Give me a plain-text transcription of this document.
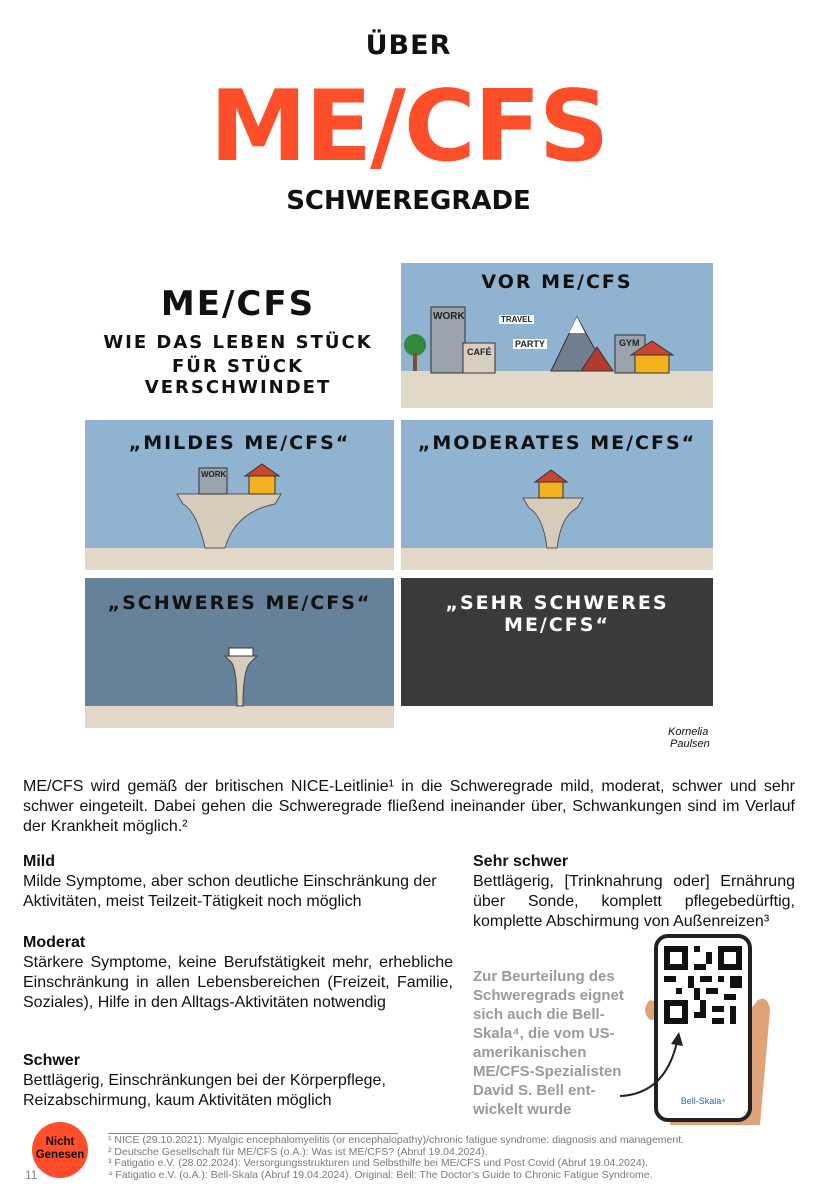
ÜBER
ME/CFS
SCHWEREGRADE
ME/CFS
WIE DAS LEBEN STÜCK
FÜR STÜCK VERSCHWINDET
VOR ME/CFS
WORK
CAFÉ
GYM
TRAVEL
PARTY
„MILDES ME/CFS“
WORK
„MODERATES ME/CFS“
„SCHWERES ME/CFS“	„SEHR SCHWERES ME/CFS“
Kornelia
Paulsen
ME/CFS wird gemäß der britischen NICE-Leitlinie¹ in die Schweregrade mild, moderat, schwer und sehr schwer eingeteilt. Dabei gehen die Schweregrade fließend ineinander über, Schwankungen sind im Verlauf der Krankheit möglich.²
Mild
Milde Symptome, aber schon deutliche Einschränkung der Aktivitäten, meist Teilzeit-Tätigkeit noch möglich
Moderat
Stärkere Symptome, keine Berufstätigkeit mehr, erhebliche Einschränkung in allen Lebensbereichen (Freizeit, Familie, Soziales), Hilfe in den Alltags-Aktivitäten notwendig
Schwer
Bettlägerig, Einschränkungen bei der Körperpflege, Reizabschirmung, kaum Aktivitäten möglich
Sehr schwer
Bettlägerig, [Trinknahrung oder] Ernährung über Sonde, komplett pflegebedürftig, komplette Abschirmung von Außenreizen³
Zur Beurteilung des Schweregrads eignet sich auch die Bell-Skala⁴, die vom US-amerikanischen ME/CFS-Spezialisten David S. Bell ent-wickelt wurde	Bell-Skala⁴
Nicht
Genesen
11
¹ NICE (29.10.2021): Myalgic encephalomyelitis (or encephalopathy)/chronic fatigue syndrome: diagnosis and management.
² Deutsche Gesellschaft für ME/CFS (o.A.): Was ist ME/CFS? (Abruf 19.04.2024).
³ Fatigatio e.V. (28.02.2024): Versorgungsstrukturen und Selbsthilfe bei ME/CFS und Post Covid (Abruf 19.04.2024).
⁴ Fatigatio e.V. (o.A.): Bell-Skala (Abruf 19.04.2024). Original: Bell: The Doctor’s Guide to Chronic Fatigue Syndrome.
